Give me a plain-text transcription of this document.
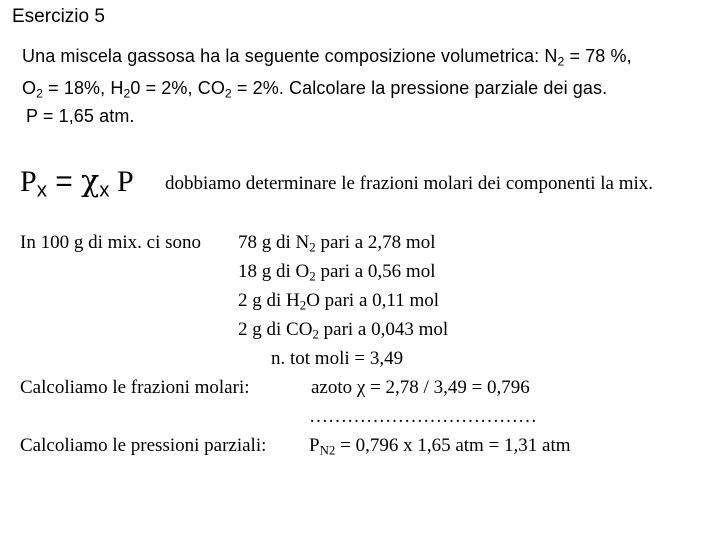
Esercizio 5
Una miscela gassosa ha la seguente composizione volumetrica: $N_2 = 78$ %,
$O_2 = 18\%$, $H_20 = 2\%$, $CO_2 = 2\%$. Calcolare la pressione parziale dei gas.
P = 1,65 atm.
$P_x = \chi_x$ P dobbiamo determinare le frazioni molari dei componenti la mix.
In 100 g di mix. ci sono 78 g di $N_2$ pari a 2,78 mol
18 g di $O_2$ pari a 0,56 mol
2 g di $H_2O$ pari a 0,11 mol
2 g di $CO_2$ pari a 0,043 mol
n. tot moli = 3,49
Calcoliamo le frazioni molari:	azoto χ = 2,78 / 3,49 = 0,796
………………………………
Calcoliamo le pressioni parziali: $P_{N2} = 0,796$ x 1,65 atm = 1,31 atm
